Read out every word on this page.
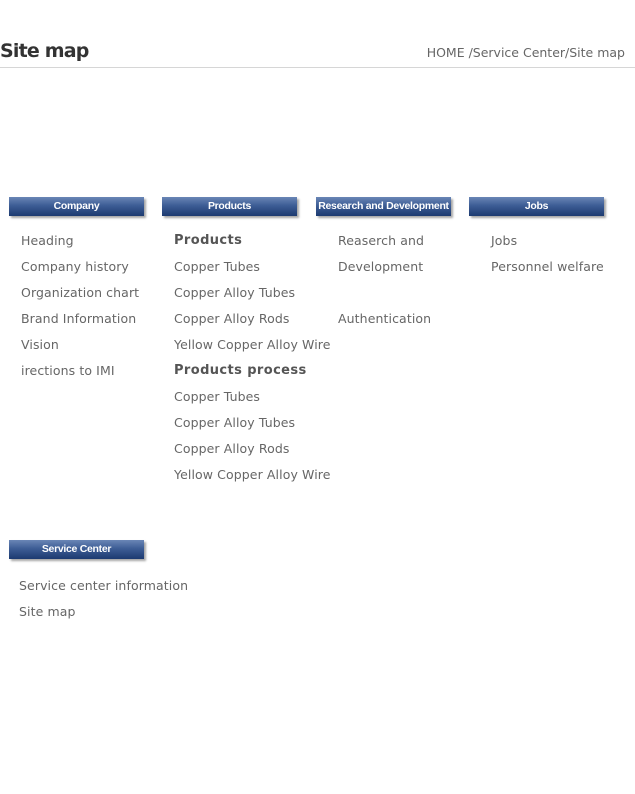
Site map	HOME /Service Center/Site map
Company
Heading
Company history
Organization chart
Brand Information
Vision
irections to IMI
Products
Products
Copper Tubes
Copper Alloy Tubes
Copper Alloy Rods
Yellow Copper Alloy Wire
Products process
Copper Tubes
Copper Alloy Tubes
Copper Alloy Rods
Yellow Copper Alloy Wire
Research and Development
Reaserch and
Development
Authentication
Jobs
Jobs
Personnel welfare
Service Center
Service center information
Site map
